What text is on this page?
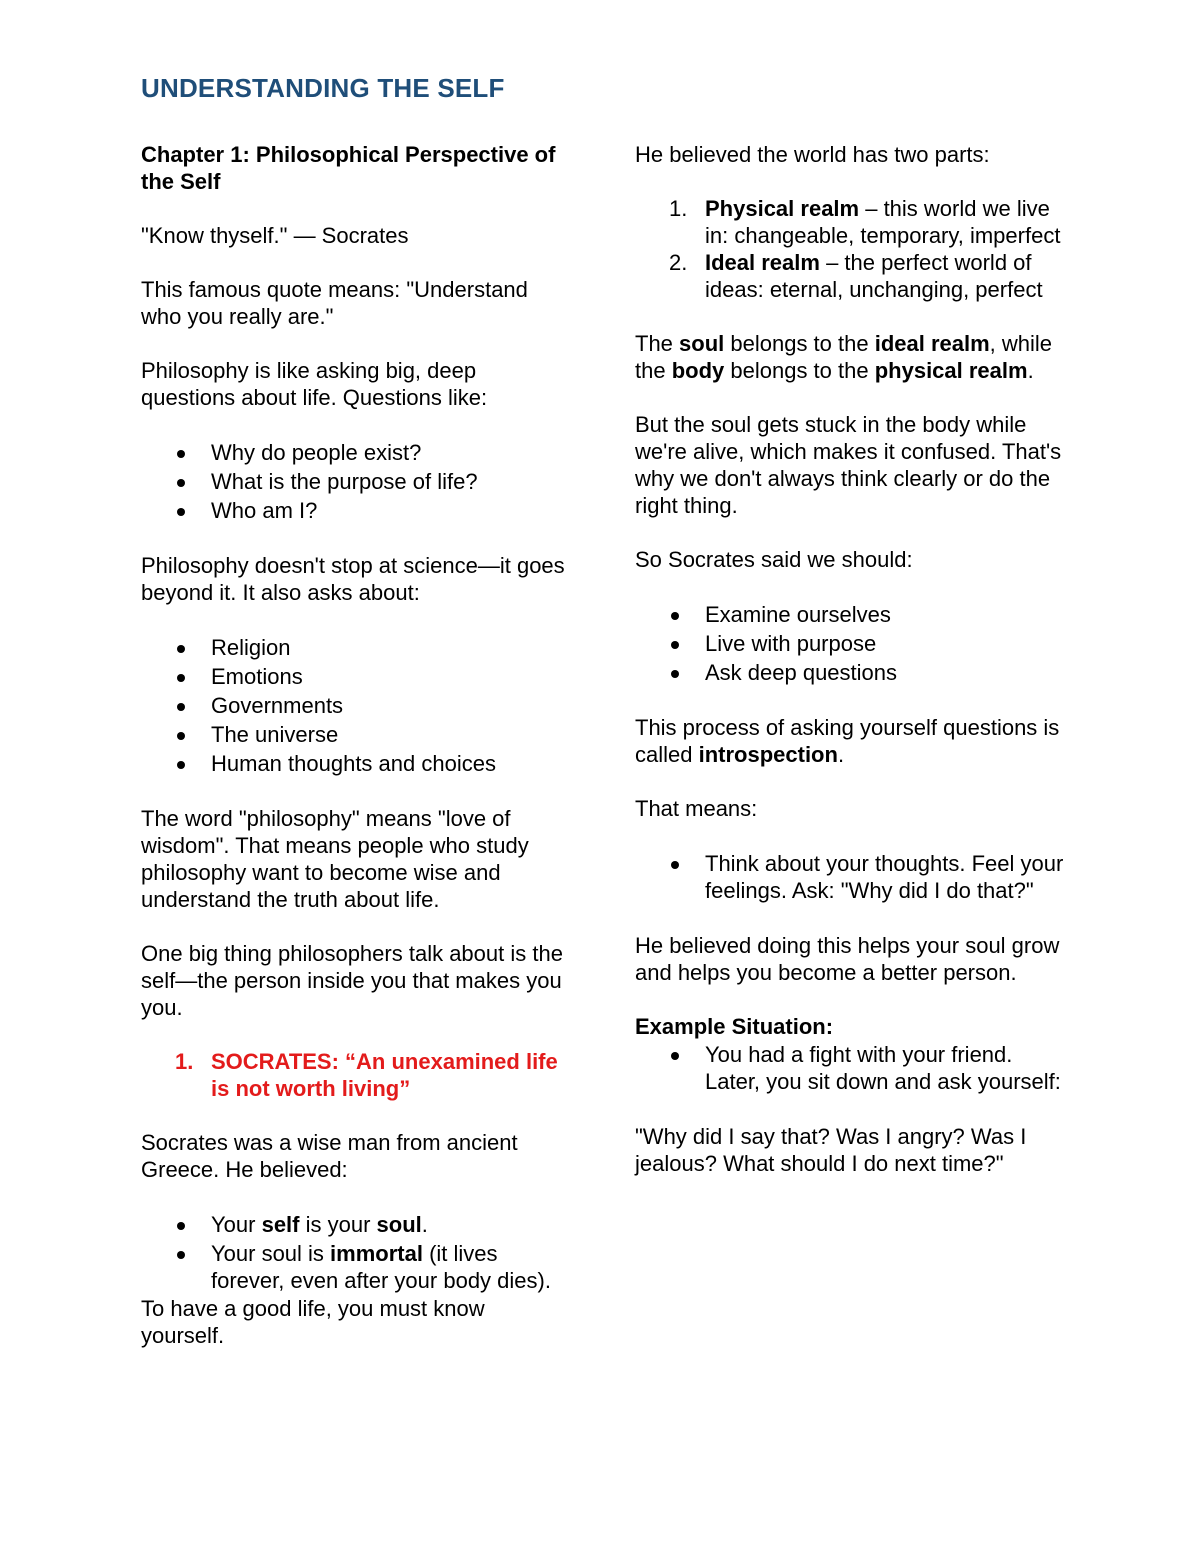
UNDERSTANDING THE SELF

Chapter 1: Philosophical Perspective of the Self

"Know thyself." — Socrates

This famous quote means: "Understand who you really are."

Philosophy is like asking big, deep questions about life. Questions like:

Why do people exist?
What is the purpose of life?
Who am I?

Philosophy doesn't stop at science—it goes beyond it. It also asks about:

Religion
Emotions
Governments
The universe
Human thoughts and choices

The word "philosophy" means "love of wisdom". That means people who study philosophy want to become wise and understand the truth about life.

One big thing philosophers talk about is the self—the person inside you that makes you you.

1. SOCRATES: “An unexamined life is not worth living”

Socrates was a wise man from ancient Greece. He believed:

Your self is your soul.
Your soul is immortal (it lives forever, even after your body dies).

To have a good life, you must know yourself.

He believed the world has two parts:

1. Physical realm – this world we live in: changeable, temporary, imperfect
2. Ideal realm – the perfect world of ideas: eternal, unchanging, perfect

The soul belongs to the ideal realm, while the body belongs to the physical realm.

But the soul gets stuck in the body while we're alive, which makes it confused. That's why we don't always think clearly or do the right thing.

So Socrates said we should:

Examine ourselves
Live with purpose
Ask deep questions

This process of asking yourself questions is called introspection.

That means:

Think about your thoughts. Feel your feelings. Ask: "Why did I do that?"

He believed doing this helps your soul grow and helps you become a better person.

Example Situation:

You had a fight with your friend. Later, you sit down and ask yourself:

"Why did I say that? Was I angry? Was I jealous? What should I do next time?"
